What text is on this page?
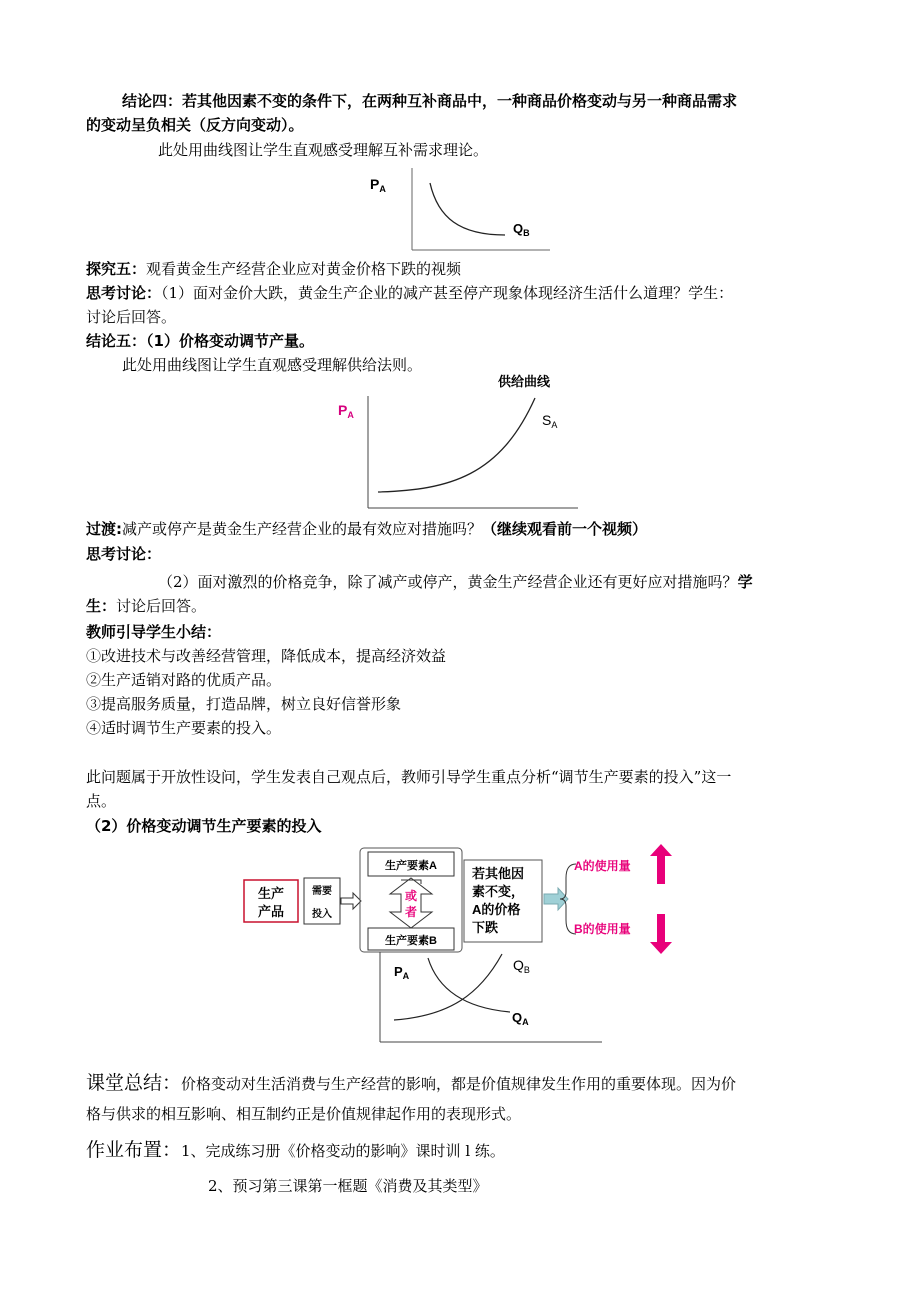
结论四：若其他因素不变的条件下，在两种互补商品中，一种商品价格变动与另一种商品需求
的变动呈负相关（反方向变动）。
此处用曲线图让学生直观感受理解互补需求理论。
$P_A$
$Q_B$
探究五：观看黄金生产经营企业应对黄金价格下跌的视频
思考讨论：（1）面对金价大跌，黄金生产企业的减产甚至停产现象体现经济生活什么道理？学生：
讨论后回答。
结论五：（1）价格变动调节产量。
此处用曲线图让学生直观感受理解供给法则。
供给曲线
$P_A$	$S_A$
过渡:减产或停产是黄金生产经营企业的最有效应对措施吗？（继续观看前一个视频）
思考讨论：
（2）面对激烈的价格竞争，除了减产或停产，黄金生产经营企业还有更好应对措施吗？学
生：讨论后回答。
教师引导学生小结：
①改进技术与改善经营管理，降低成本，提高经济效益
②生产适销对路的优质产品。
③提高服务质量，打造品牌，树立良好信誉形象
④适时调节生产要素的投入。
此问题属于开放性设问，学生发表自己观点后，教师引导学生重点分析“调节生产要素的投入”这一
点。
（2）价格变动调节生产要素的投入
生产
产品
需要
投入
生产要素A
生产要素B
或
者
若其他因
素不变，
A的价格
下跌
A的使用量
B的使用量
$P_A$
$Q_B$
$Q_A$
课堂总结：价格变动对生活消费与生产经营的影响，都是价值规律发生作用的重要体现。因为价
格与供求的相互影响、相互制约正是价值规律起作用的表现形式。
作业布置：1、完成练习册《价格变动的影响》课时训 l 练。
2、预习第三课第一框题《消费及其类型》
